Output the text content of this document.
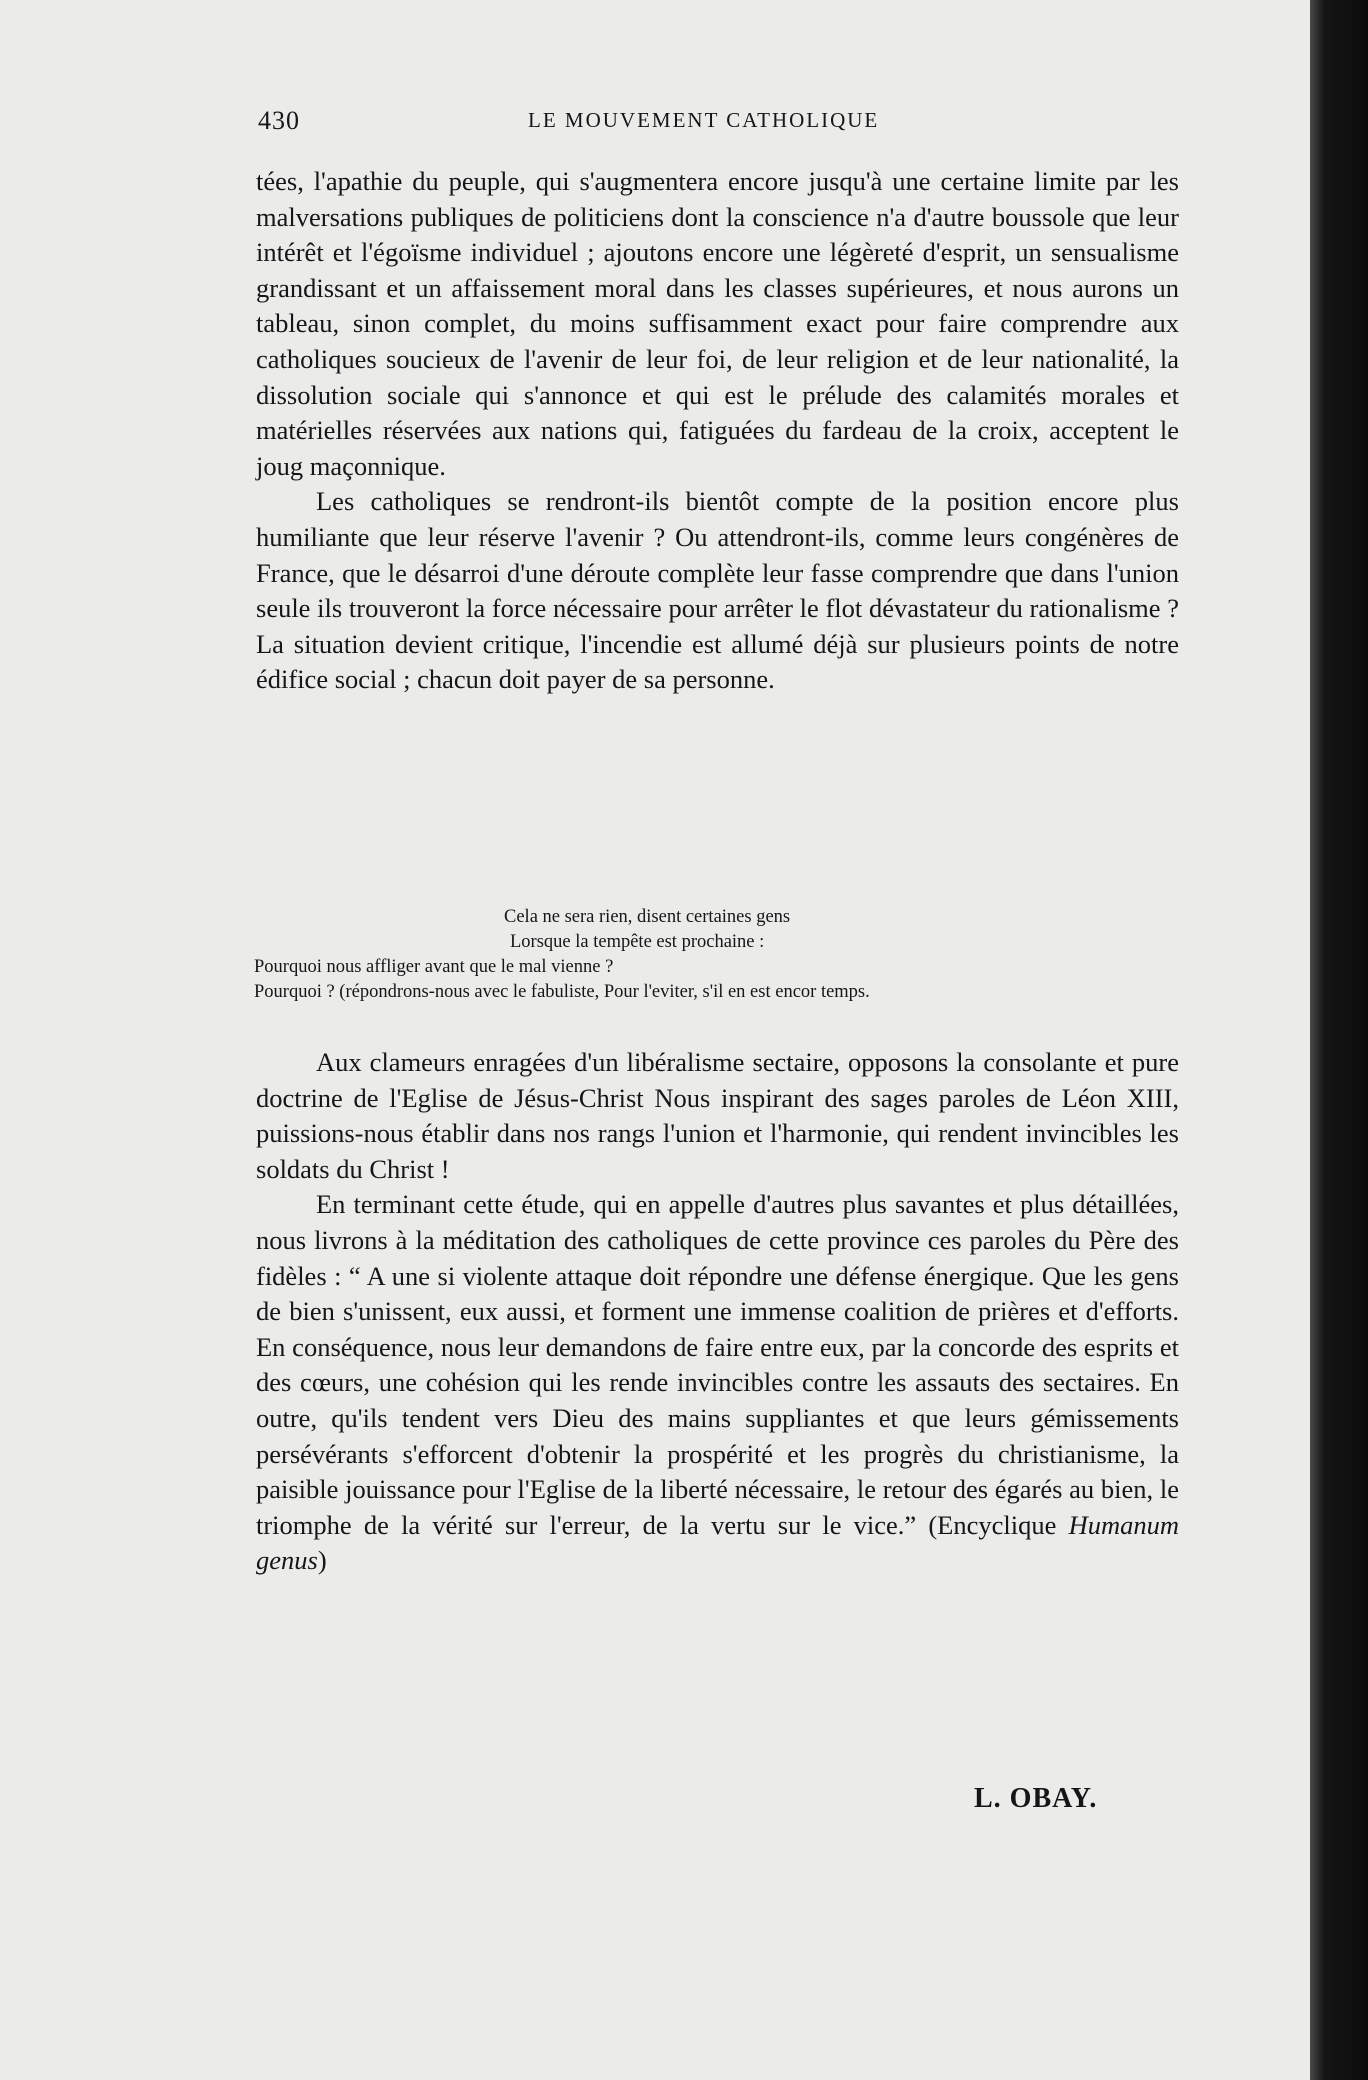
430	LE MOUVEMENT CATHOLIQUE

tées, l'apathie du peuple, qui s'augmentera encore jusqu'à une certaine limite par les malversations publiques de politiciens dont la conscience n'a d'autre boussole que leur intérêt et l'égoïsme individuel ; ajoutons encore une légèreté d'esprit, un sensualisme grandissant et un affaissement moral dans les classes supérieures, et nous aurons un tableau, sinon complet, du moins suffisamment exact pour faire comprendre aux catholiques soucieux de l'avenir de leur foi, de leur religion et de leur nationalité, la dissolution sociale qui s'annonce et qui est le prélude des calamités morales et matérielles réservées aux nations qui, fatiguées du fardeau de la croix, acceptent le joug maçonnique.

Les catholiques se rendront-ils bientôt compte de la position encore plus humiliante que leur réserve l'avenir ? Ou attendront-ils, comme leurs congénères de France, que le désarroi d'une déroute complète leur fasse comprendre que dans l'union seule ils trouveront la force nécessaire pour arrêter le flot dévastateur du rationalisme ? La situation devient critique, l'incendie est allumé déjà sur plusieurs points de notre édifice social ; chacun doit payer de sa personne.

Cela ne sera rien, disent certaines gens
Lorsque la tempête est prochaine :
Pourquoi nous affliger avant que le mal vienne ?
Pourquoi ? (répondrons-nous avec le fabuliste, Pour l'eviter, s'il en est encor temps.

Aux clameurs enragées d'un libéralisme sectaire, opposons la consolante et pure doctrine de l'Eglise de Jésus-Christ Nous inspirant des sages paroles de Léon XIII, puissions-nous établir dans nos rangs l'union et l'harmonie, qui rendent invincibles les soldats du Christ !

En terminant cette étude, qui en appelle d'autres plus savantes et plus détaillées, nous livrons à la méditation des catholiques de cette province ces paroles du Père des fidèles : “ A une si violente attaque doit répondre une défense énergique. Que les gens de bien s'unissent, eux aussi, et forment une immense coalition de prières et d'efforts. En conséquence, nous leur demandons de faire entre eux, par la concorde des esprits et des cœurs, une cohésion qui les rende invincibles contre les assauts des sectaires. En outre, qu'ils tendent vers Dieu des mains suppliantes et que leurs gémissements persévérants s'efforcent d'obtenir la prospérité et les progrès du christianisme, la paisible jouissance pour l'Eglise de la liberté nécessaire, le retour des égarés au bien, le triomphe de la vérité sur l'erreur, de la vertu sur le vice.” (Encyclique Humanum genus)

L. OBAY.
